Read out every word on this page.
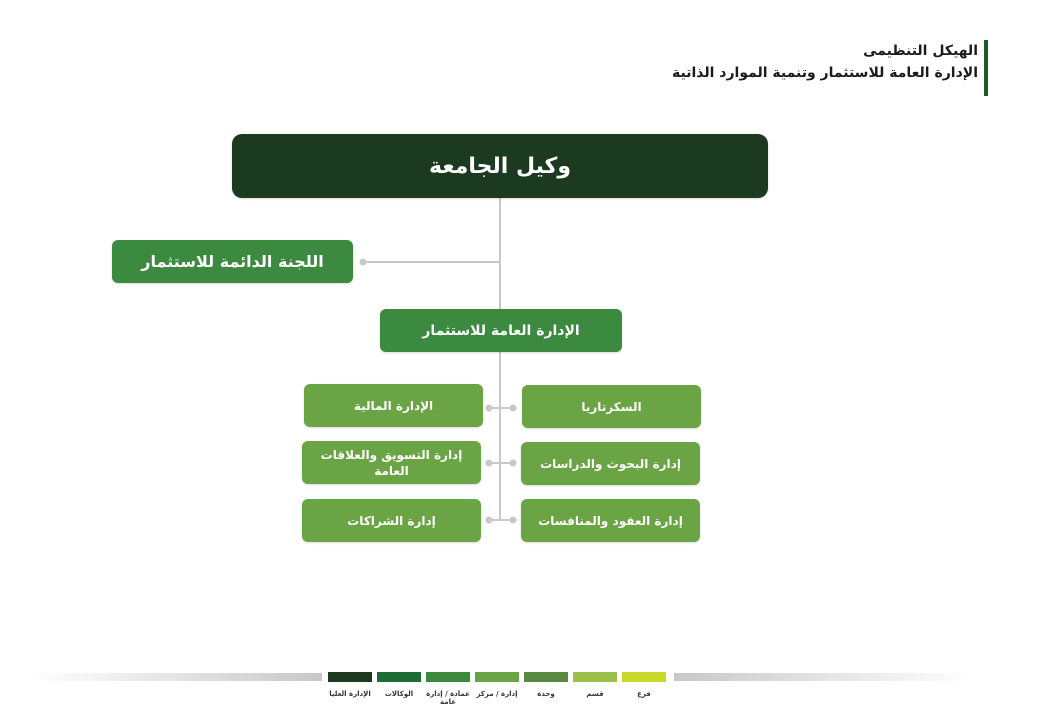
الهيكل التنظيمى
الإدارة العامة للاستثمار وتنمية الموارد الذاتية
وكيل الجامعة
اللجنة الدائمة للاستثمار
الإدارة العامة للاستثمار
الإدارة المالية
إدارة التسويق والعلاقات العامة
إدارة الشراكات
السكرتاريا
إدارة البحوث والدراسات
إدارة العقود والمنافسات
الإدارة العليا	الوكالات	عمادة / إدارة عامة
إدارة / مركز	وحدة	قسم	فرع
